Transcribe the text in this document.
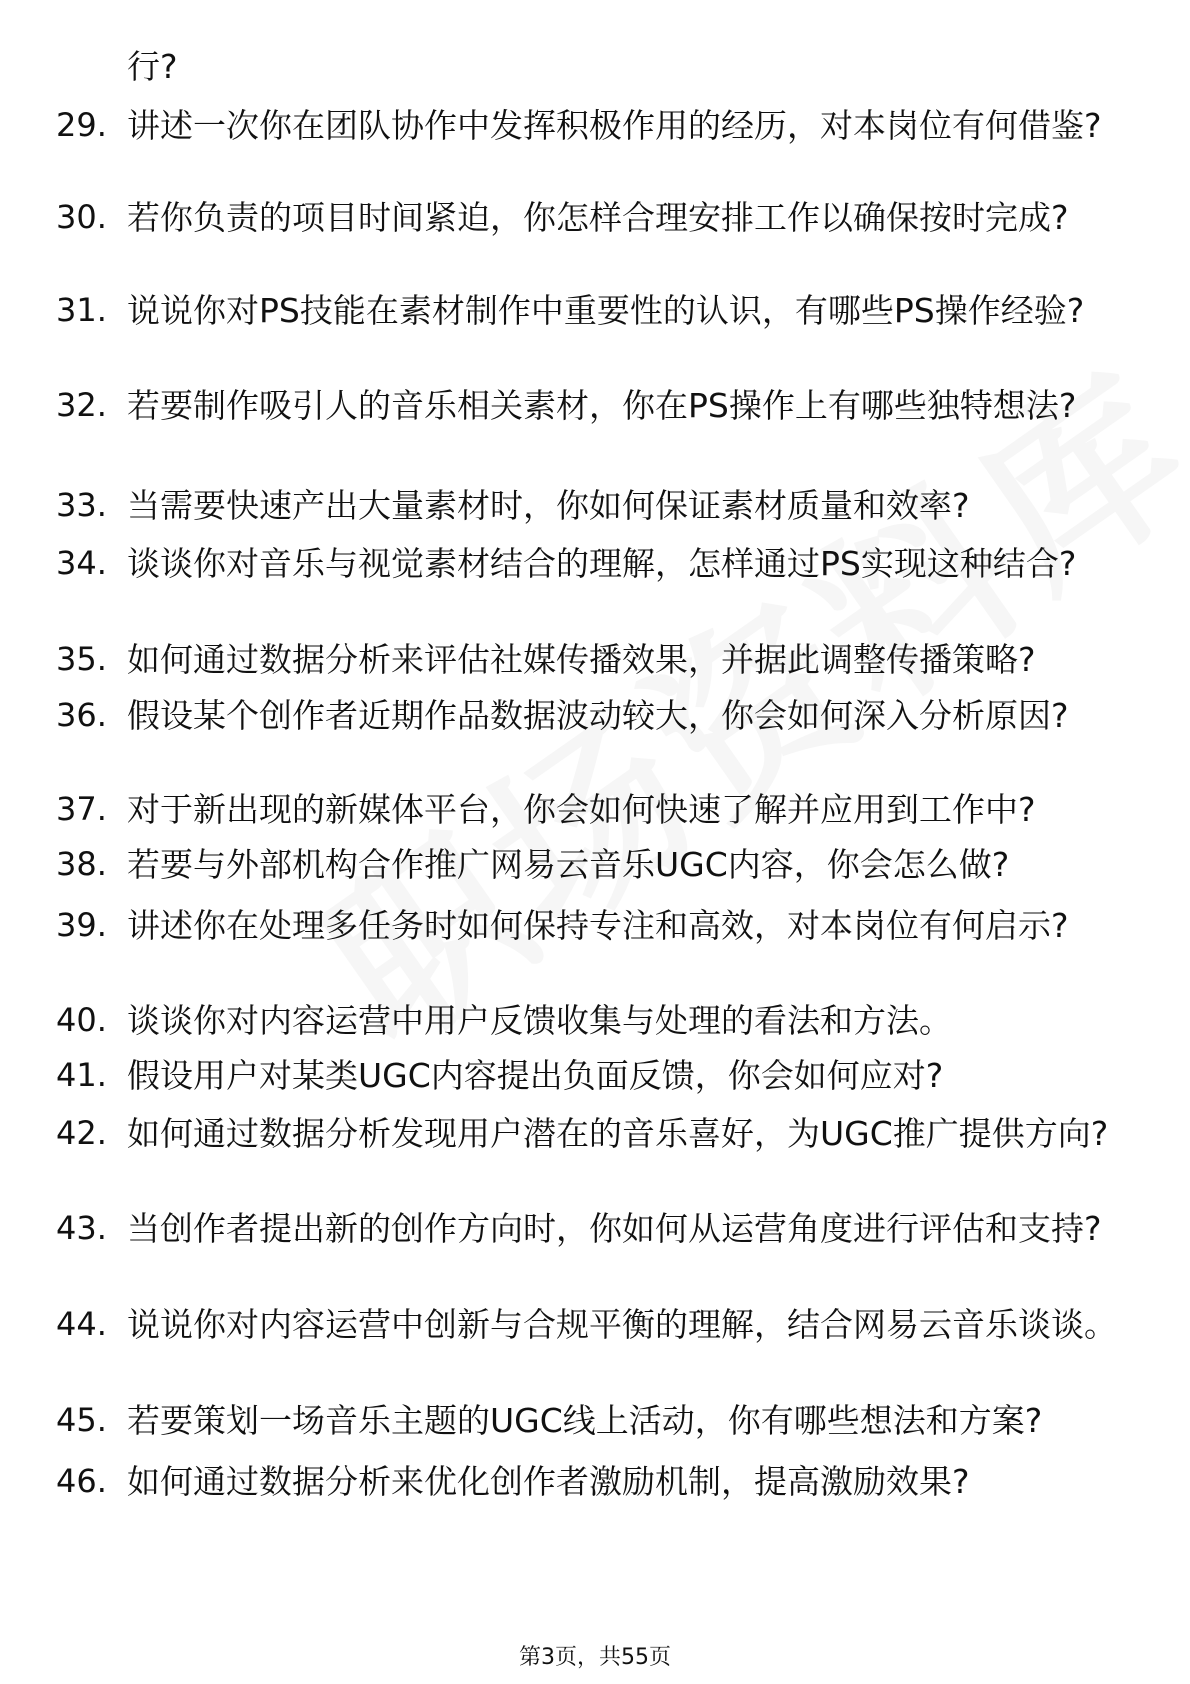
行?
29. 讲述一次你在团队协作中发挥积极作用的经历，对本岗位有何借鉴?
30. 若你负责的项目时间紧迫，你怎样合理安排工作以确保按时完成?
31. 说说你对PS技能在素材制作中重要性的认识，有哪些PS操作经验?
32. 若要制作吸引人的音乐相关素材，你在PS操作上有哪些独特想法?
33. 当需要快速产出大量素材时，你如何保证素材质量和效率?
34. 谈谈你对音乐与视觉素材结合的理解，怎样通过PS实现这种结合?
35. 如何通过数据分析来评估社媒传播效果，并据此调整传播策略?
36. 假设某个创作者近期作品数据波动较大，你会如何深入分析原因?
37. 对于新出现的新媒体平台，你会如何快速了解并应用到工作中?
38. 若要与外部机构合作推广网易云音乐UGC内容，你会怎么做?
39. 讲述你在处理多任务时如何保持专注和高效，对本岗位有何启示?
40. 谈谈你对内容运营中用户反馈收集与处理的看法和方法。
41. 假设用户对某类UGC内容提出负面反馈，你会如何应对?
42. 如何通过数据分析发现用户潜在的音乐喜好，为UGC推广提供方向?
43. 当创作者提出新的创作方向时，你如何从运营角度进行评估和支持?
44. 说说你对内容运营中创新与合规平衡的理解，结合网易云音乐谈谈。
45. 若要策划一场音乐主题的UGC线上活动，你有哪些想法和方案?
46. 如何通过数据分析来优化创作者激励机制，提高激励效果?
第3页，共55页
